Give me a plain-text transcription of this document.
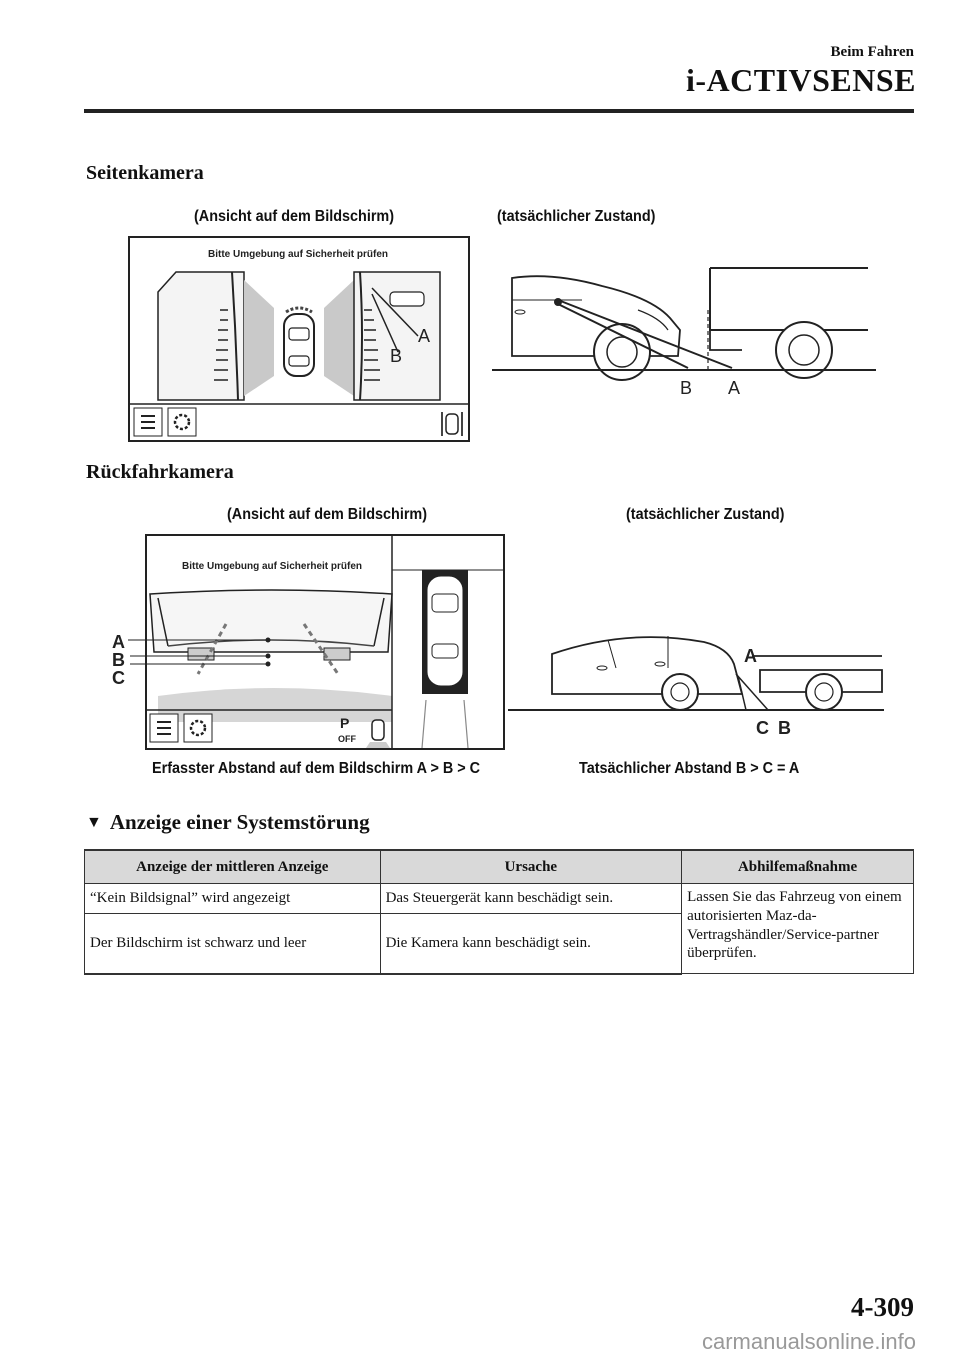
Beim Fahren
i-ACTIVSENSE
Seitenkamera
(Ansicht auf dem Bildschirm)	(tatsächlicher Zustand)
Bitte Umgebung auf Sicherheit prüfen
A
B
B A
Rückfahrkamera
(Ansicht auf dem Bildschirm)	(tatsächlicher Zustand)
Bitte Umgebung auf Sicherheit prüfen
A
B
C
P
OFF
A
C B
Erfasster Abstand auf dem Bildschirm A > B > C	Tatsächlicher Abstand B > C = A
▼ Anzeige einer Systemstörung
Anzeige der mittleren Anzeige	Ursache	Abhilfemaßnahme
“Kein Bildsignal” wird angezeigt	Das Steuergerät kann beschädigt sein.	Lassen Sie das Fahrzeug von einem autorisierten Maz-da-Vertragshändler/Service-partner überprüfen.
Der Bildschirm ist schwarz und leer	Die Kamera kann beschädigt sein.	
4-309
carmanualsonline.info
